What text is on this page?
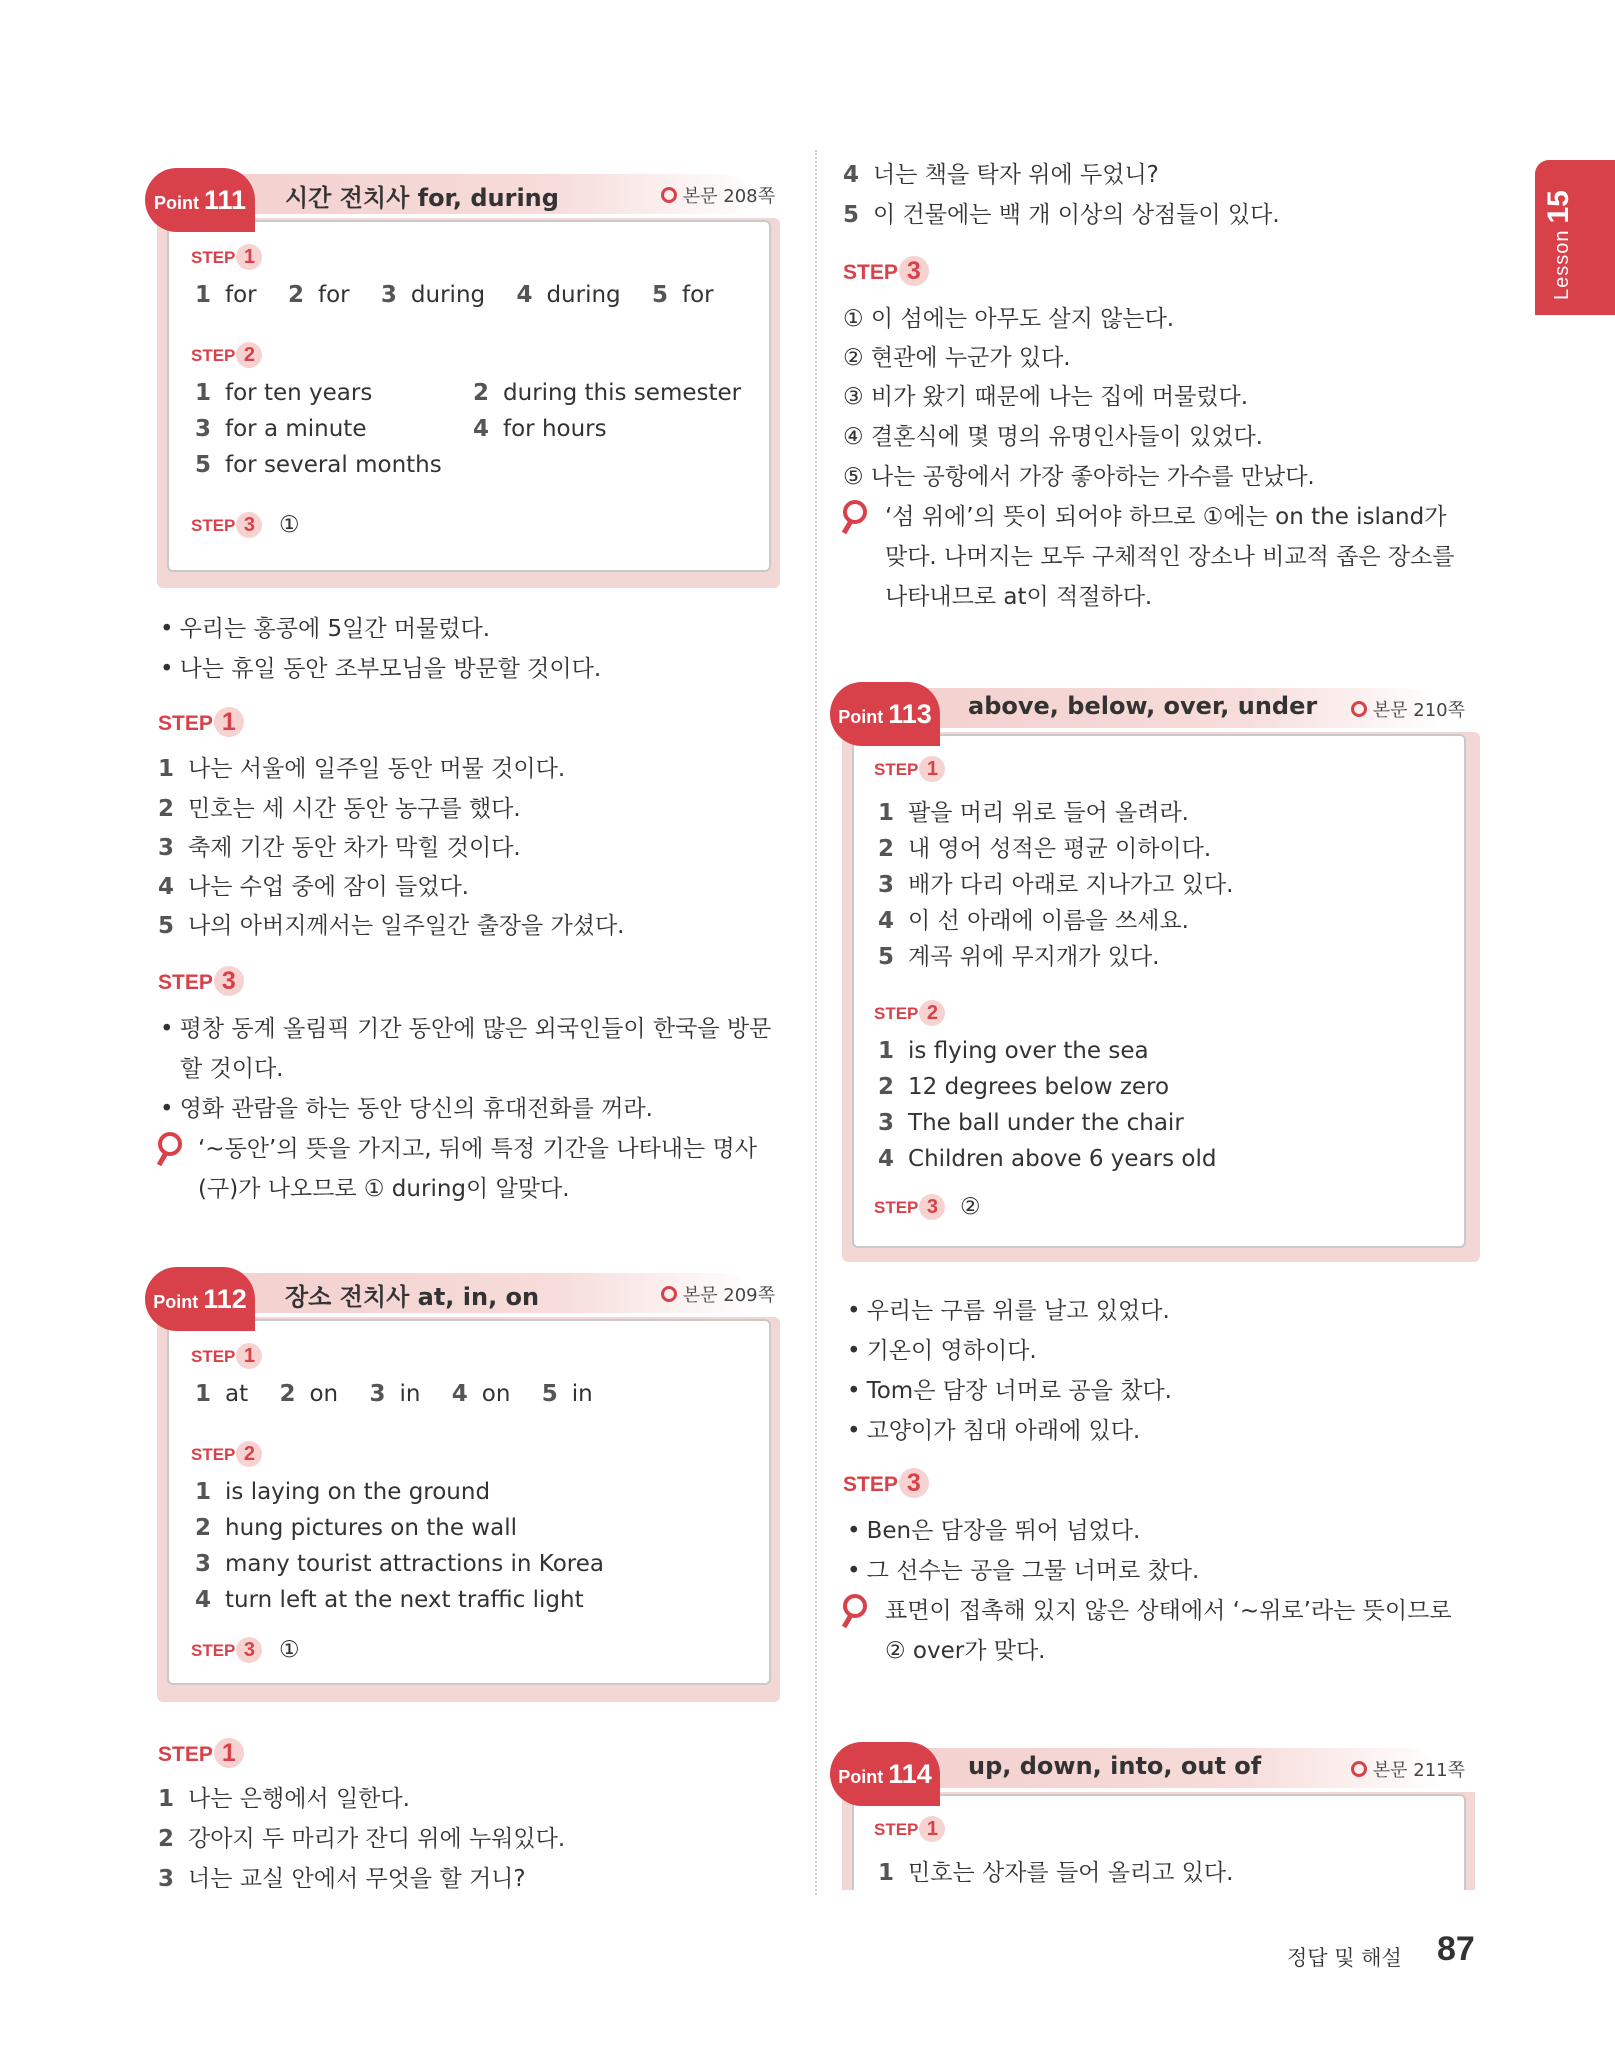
Lesson15
Point 111 시간 전치사 for, during	본문 208쪽
STEP 1
1 for 2 for 3 during 4 during 5 for
STEP 2
1 for ten years	2 during this semester
3 for a minute	4 for hours
5 for several months
STEP 3	①
• 우리는 홍콩에 5일간 머물렀다.
• 나는 휴일 동안 조부모님을 방문할 것이다.
STEP 1
1 나는 서울에 일주일 동안 머물 것이다.
2 민호는 세 시간 동안 농구를 했다.
3 축제 기간 동안 차가 막힐 것이다.
4 나는 수업 중에 잠이 들었다.
5 나의 아버지께서는 일주일간 출장을 가셨다.
STEP 3
• 평창 동계 올림픽 기간 동안에 많은 외국인들이 한국을 방문
할 것이다.
• 영화 관람을 하는 동안 당신의 휴대전화를 꺼라.
‘~동안’의 뜻을 가지고, 뒤에 특정 기간을 나타내는 명사
(구)가 나오므로 ① during이 알맞다.
Point 112 장소 전치사 at, in, on	본문 209쪽
STEP 1
1 at 2 on 3 in 4 on 5 in
STEP 2
1 is laying on the ground
2 hung pictures on the wall
3 many tourist attractions in Korea
4 turn left at the next traffic light
STEP 3	①
STEP 1
1 나는 은행에서 일한다.
2 강아지 두 마리가 잔디 위에 누워있다.
3 너는 교실 안에서 무엇을 할 거니?
4 너는 책을 탁자 위에 두었니?
5 이 건물에는 백 개 이상의 상점들이 있다.
STEP 3
① 이 섬에는 아무도 살지 않는다.
② 현관에 누군가 있다.
③ 비가 왔기 때문에 나는 집에 머물렀다.
④ 결혼식에 몇 명의 유명인사들이 있었다.
⑤ 나는 공항에서 가장 좋아하는 가수를 만났다.
‘섬 위에’의 뜻이 되어야 하므로 ①에는 on the island가
맞다. 나머지는 모두 구체적인 장소나 비교적 좁은 장소를
나타내므로 at이 적절하다.
Point 113 above, below, over, under	본문 210쪽
STEP 1
1 팔을 머리 위로 들어 올려라.
2 내 영어 성적은 평균 이하이다.
3 배가 다리 아래로 지나가고 있다.
4 이 선 아래에 이름을 쓰세요.
5 계곡 위에 무지개가 있다.
STEP 2
1 is flying over the sea
2 12 degrees below zero
3 The ball under the chair
4 Children above 6 years old
STEP 3 ②
• 우리는 구름 위를 날고 있었다.
• 기온이 영하이다.
• Tom은 담장 너머로 공을 찼다.
• 고양이가 침대 아래에 있다.
STEP 3
• Ben은 담장을 뛰어 넘었다.
• 그 선수는 공을 그물 너머로 찼다.
표면이 접촉해 있지 않은 상태에서 ‘~위로’라는 뜻이므로
② over가 맞다.
Point 114 up, down, into, out of	본문 211쪽
STEP 1
1 민호는 상자를 들어 올리고 있다.
정답 및 해설 87
